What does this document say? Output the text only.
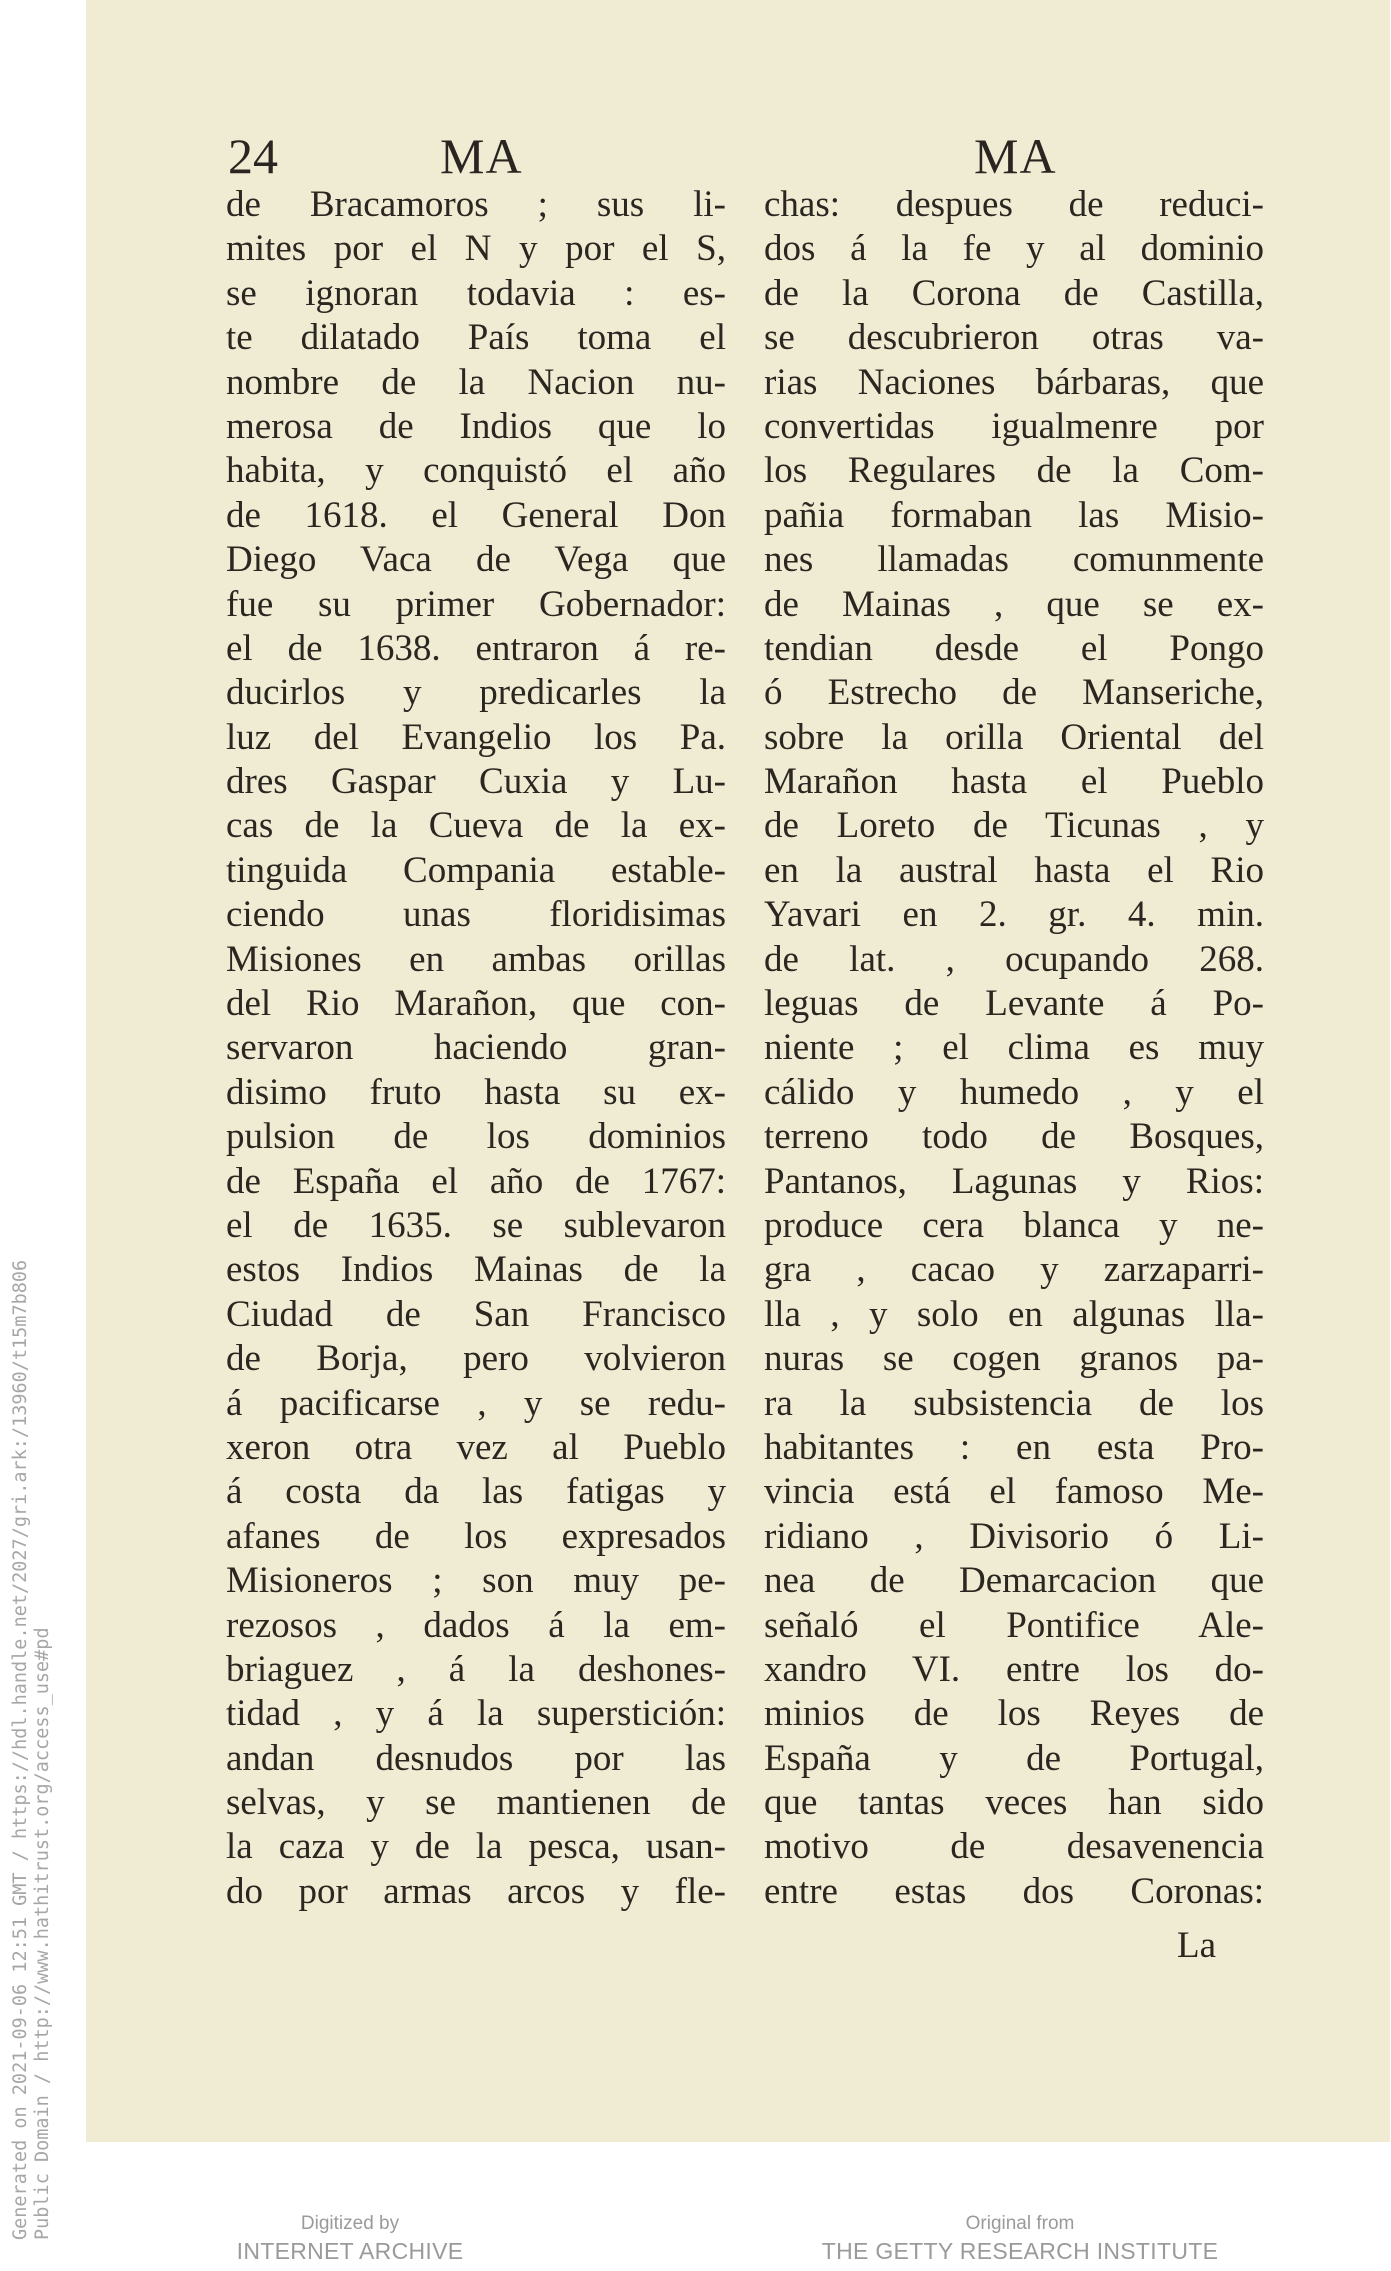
Generated on 2021-09-06 12:51 GMT / https://hdl.handle.net/2027/gri.ark:/13960/t15m7b806 Public Domain / http://www.hathitrust.org/access_use#pd
24	MA	MA
de Bracamoros ; sus li-
mites por el N y por el S,
se ignoran todavia : es-
te dilatado País toma el
nombre de la Nacion nu-
merosa de Indios que lo
habita, y conquistó el año
de 1618. el General Don
Diego Vaca de Vega que
fue su primer Gobernador:
el de 1638. entraron á re-
ducirlos y predicarles la
luz del Evangelio los Pa.
dres Gaspar Cuxia y Lu-
cas de la Cueva de la ex-
tinguida Compania estable-
ciendo unas floridisimas
Misiones en ambas orillas
del Rio Marañon, que con-
servaron haciendo gran-
disimo fruto hasta su ex-
pulsion de los dominios
de España el año de 1767:
el de 1635. se sublevaron
estos Indios Mainas de la
Ciudad de San Francisco
de Borja, pero volvieron
á pacificarse , y se redu-
xeron otra vez al Pueblo
á costa da las fatigas y
afanes de los expresados
Misioneros ; son muy pe-
rezosos , dados á la em-
briaguez , á la deshones-
tidad , y á la superstición:
andan desnudos por las
selvas, y se mantienen de
la caza y de la pesca, usan-
do por armas arcos y fle-
chas: despues de reduci-
dos á la fe y al dominio
de la Corona de Castilla,
se descubrieron otras va-
rias Naciones bárbaras, que
convertidas igualmenre por
los Regulares de la Com-
pañia formaban las Misio-
nes llamadas comunmente
de Mainas , que se ex-
tendian desde el Pongo
ó Estrecho de Manseriche,
sobre la orilla Oriental del
Marañon hasta el Pueblo
de Loreto de Ticunas , y
en la austral hasta el Rio
Yavari en 2. gr. 4. min.
de lat. , ocupando 268.
leguas de Levante á Po-
niente ; el clima es muy
cálido y humedo , y el
terreno todo de Bosques,
Pantanos, Lagunas y Rios:
produce cera blanca y ne-
gra , cacao y zarzaparri-
lla , y solo en algunas lla-
nuras se cogen granos pa-
ra la subsistencia de los
habitantes : en esta Pro-
vincia está el famoso Me-
ridiano , Divisorio ó Li-
nea de Demarcacion que
señaló el Pontifice Ale-
xandro VI. entre los do-
minios de los Reyes de
España y de Portugal,
que tantas veces han sido
motivo de desavenencia
entre estas dos Coronas:
La
Digitized by
INTERNET ARCHIVE
Original from
THE GETTY RESEARCH INSTITUTE
